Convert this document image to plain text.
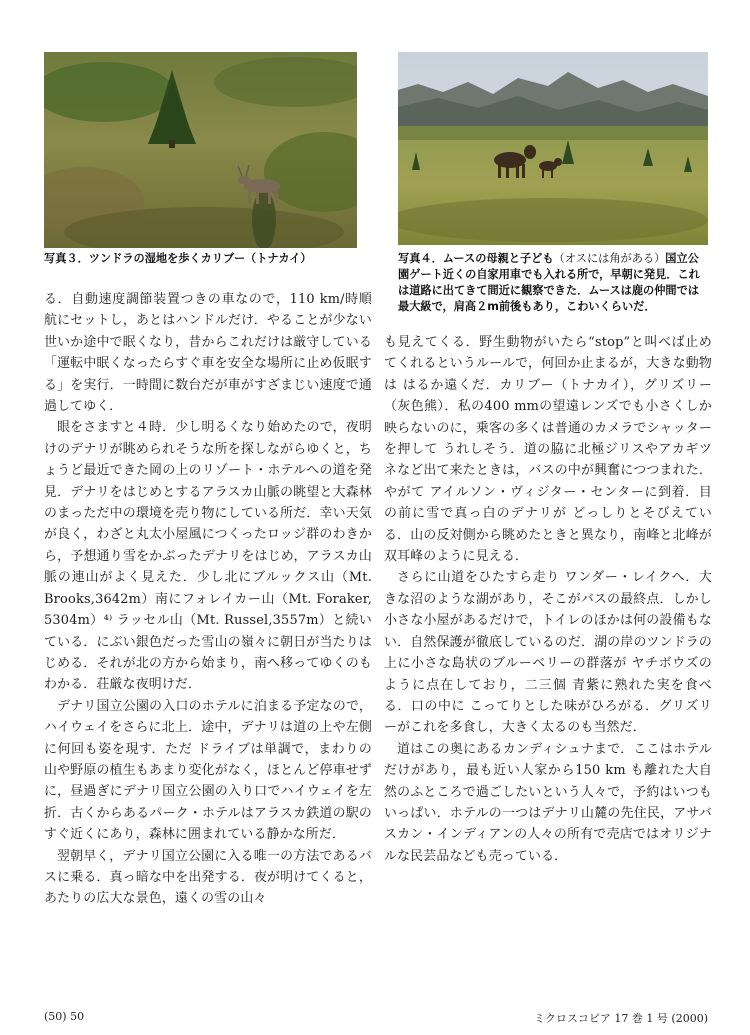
写真３．ツンドラの湿地を歩くカリブー（トナカイ）	写真４．ムースの母親と子ども（オスには角がある）国立公園ゲート近くの自家用車でも入れる所で，早朝に発見．これは道路に出てきて間近に観察できた．ムースは鹿の仲間では最大級で，肩高２m前後もあり，こわいくらいだ．

る．自動速度調節装置つきの車なので，110 km/時順航にセットし，あとはハンドルだけ．やることが少ない世いか途中で眠くなり，昔からこれだけは厳守している「運転中眠くなったらすぐ車を安全な場所に止め仮眠する」を実行．一時間に数台だが車がすざまじい速度で通過してゆく．

眼をさますと４時．少し明るくなり始めたので，夜明けのデナリが眺められそうな所を探しながらゆくと，ちょうど最近できた岡の上のリゾート・ホテルへの道を発見．デナリをはじめとするアラスカ山脈の眺望と大森林のまっただ中の環境を売り物にしている所だ．幸い天気が良く，わざと丸太小屋風につくったロッジ群のわきから，予想通り雪をかぶったデナリをはじめ，アラスカ山脈の連山がよく見えた．少し北にブルックス山（Mt. Brooks,3642m）南にフォレイカー山（Mt. Foraker, 5304m）⁴⁾ ラッセル山（Mt. Russel,3557m）と続いている．にぶい銀色だった雪山の嶺々に朝日が当たりはじめる．それが北の方から始まり，南へ移ってゆくのもわかる．荘厳な夜明けだ．

デナリ国立公園の入口のホテルに泊まる予定なので，ハイウェイをさらに北上．途中，デナリは道の上や左側に何回も姿を現す．ただ ドライブは単調で，まわりの山や野原の植生もあまり変化がなく，ほとんど停車せずに，昼過ぎにデナリ国立公園の入り口でハイウェイを左折．古くからあるパーク・ホテルはアラスカ鉄道の駅のすぐ近くにあり，森林に囲まれている静かな所だ．

翌朝早く，デナリ国立公園に入る唯一の方法であるバスに乗る．真っ暗な中を出発する．夜が明けてくると，あたりの広大な景色，遠くの雪の山々

も見えてくる．野生動物がいたら“stop”と叫べば止めてくれるというルールで，何回か止まるが，大きな動物は はるか遠くだ．カリブー（トナカイ），グリズリー（灰色熊）．私の400 mmの望遠レンズでも小さくしか映らないのに，乗客の多くは普通のカメラでシャッターを押して うれしそう．道の脇に北極ジリスやアカギツネなど出て来たときは，バスの中が興奮につつまれた．やがて アイルソン・ヴィジター・センターに到着．目の前に雪で真っ白のデナリが どっしりとそびえている．山の反対側から眺めたときと異なり，南峰と北峰が双耳峰のように見える．

さらに山道をひたすら走り ワンダー・レイクへ．大きな沼のような湖があり，そこがバスの最終点．しかし小さな小屋があるだけで，トイレのほかは何の設備もない．自然保護が徹底しているのだ．湖の岸のツンドラの上に小さな島状のブルーベリーの群落が ヤチボウズのように点在しており，二三個 青紫に熟れた実を食べる．口の中に こってりとした味がひろがる．グリズリーがこれを多食し，大きく太るのも当然だ．

道はこの奥にあるカンディシュナまで．ここはホテルだけがあり，最も近い人家から150 km も離れた大自然のふところで過ごしたいという人々で，予約はいつもいっぱい．ホテルの一つはデナリ山麓の先住民，アサバスカン・インディアンの人々の所有で売店ではオリジナルな民芸品なども売っている．

(50) 50	ミクロスコピア 17 巻 1 号 (2000)
